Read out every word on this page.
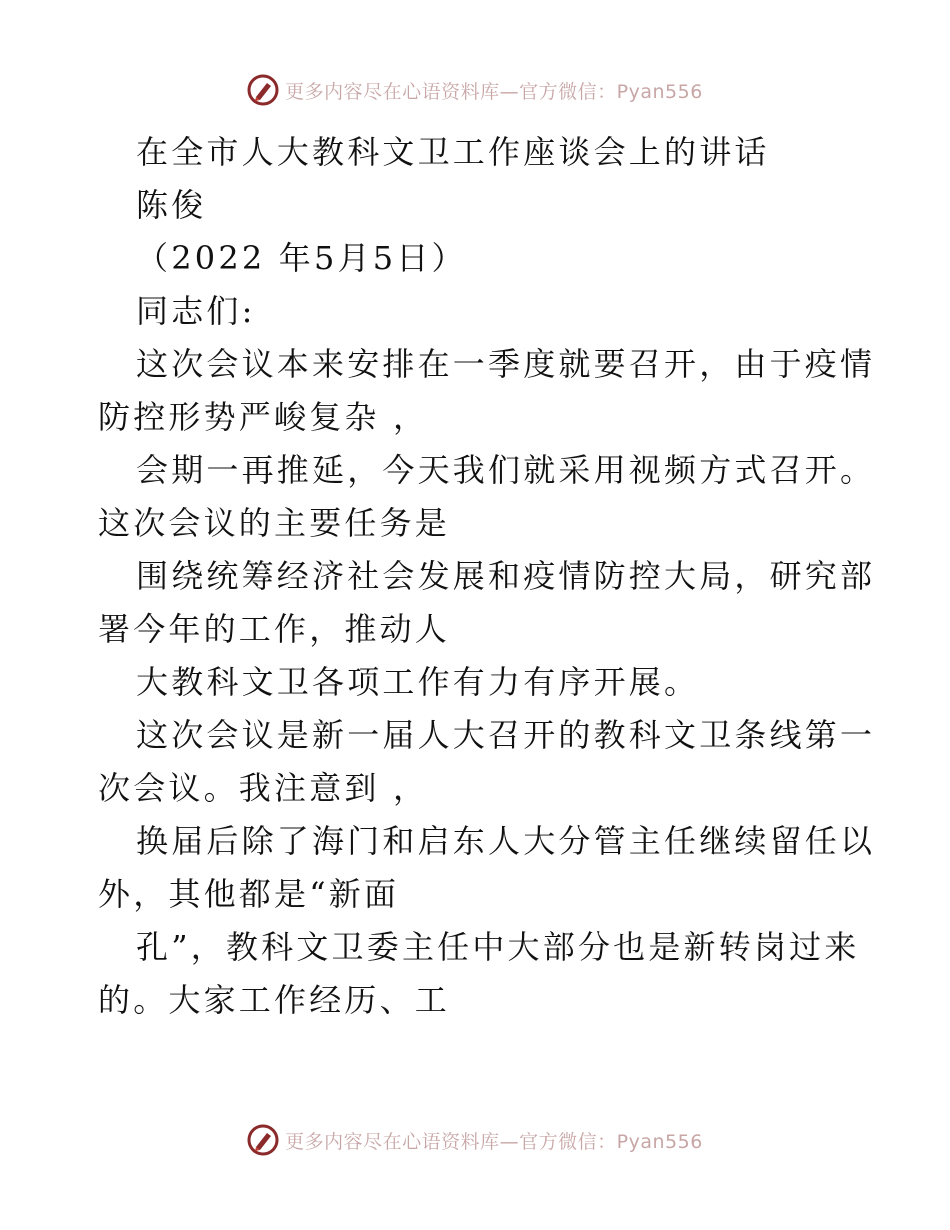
更多内容尽在心语资料库—官方微信：Pyan556

在全市人大教科文卫工作座谈会上的讲话

陈俊

（2022 年5月5日）

同志们:

这次会议本来安排在一季度就要召开，由于疫情

防控形势严峻复杂 ，

会期一再推延，今天我们就采用视频方式召开。

这次会议的主要任务是

围绕统筹经济社会发展和疫情防控大局，研究部

署今年的工作，推动人

大教科文卫各项工作有力有序开展。

这次会议是新一届人大召开的教科文卫条线第一

次会议。我注意到 ，

换届后除了海门和启东人大分管主任继续留任以

外，其他都是“新面

孔”，教科文卫委主任中大部分也是新转岗过来

的。大家工作经历、工

更多内容尽在心语资料库—官方微信：Pyan556
